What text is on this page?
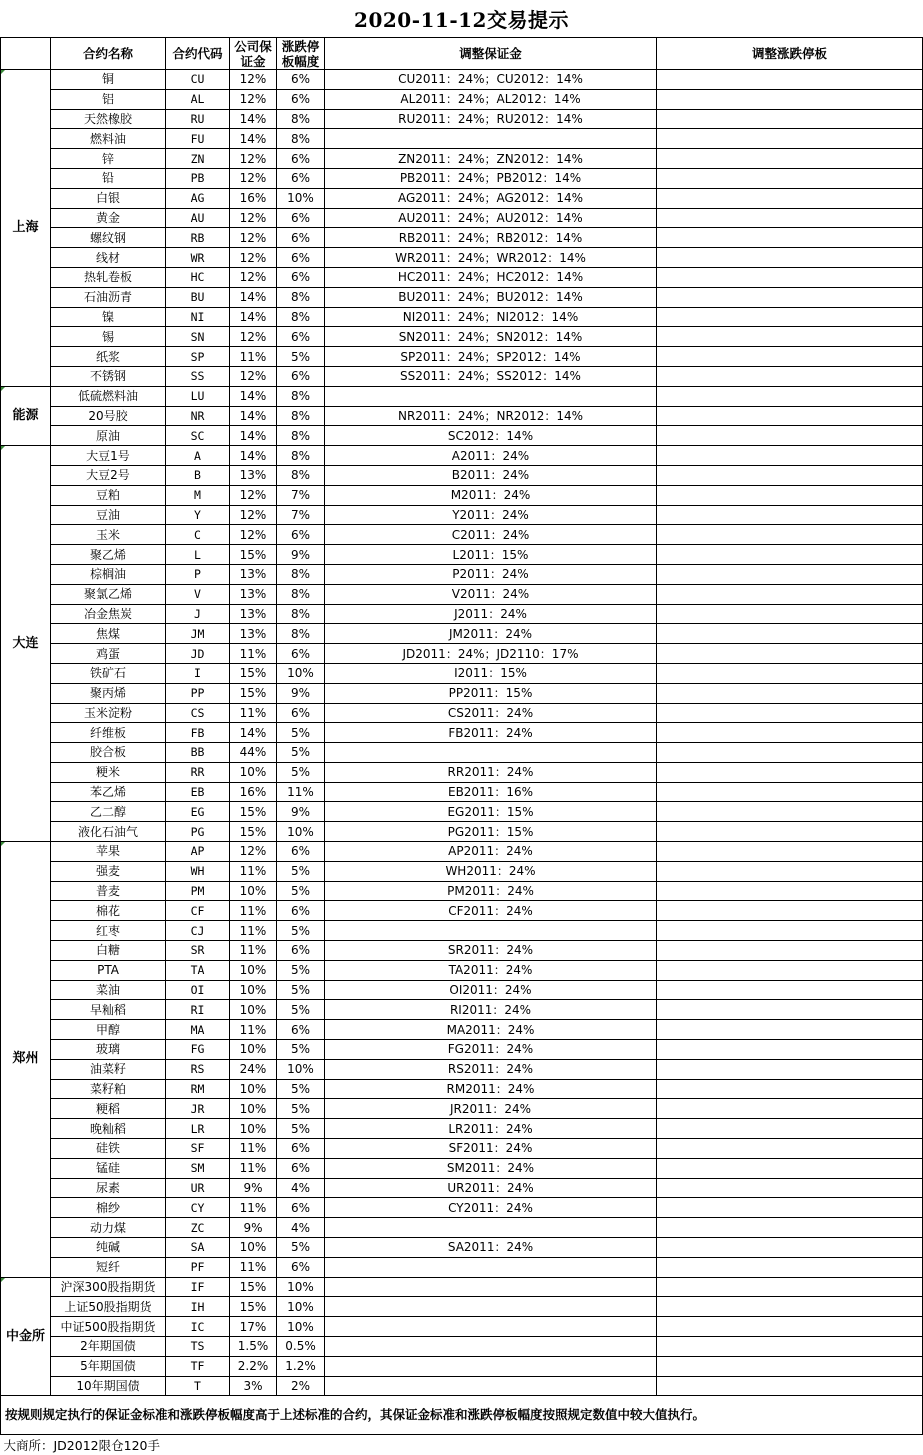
2020-11-12交易提示
	合约名称	合约代码	公司保证金	涨跌停板幅度	调整保证金	调整涨跌停板
上海	铜	CU	12%	6%	CU2011：24%；CU2012：14%	
	铝	AL	12%	6%	AL2011：24%；AL2012：14%	
	天然橡胶	RU	14%	8%	RU2011：24%；RU2012：14%	
	燃料油	FU	14%	8%		
	锌	ZN	12%	6%	ZN2011：24%；ZN2012：14%	
	铅	PB	12%	6%	PB2011：24%；PB2012：14%	
	白银	AG	16%	10%	AG2011：24%；AG2012：14%	
	黄金	AU	12%	6%	AU2011：24%；AU2012：14%	
	螺纹钢	RB	12%	6%	RB2011：24%；RB2012：14%	
	线材	WR	12%	6%	WR2011：24%；WR2012：14%	
	热轧卷板	HC	12%	6%	HC2011：24%；HC2012：14%	
	石油沥青	BU	14%	8%	BU2011：24%；BU2012：14%	
	镍	NI	14%	8%	NI2011：24%；NI2012：14%	
	锡	SN	12%	6%	SN2011：24%；SN2012：14%	
	纸浆	SP	11%	5%	SP2011：24%；SP2012：14%	
	不锈钢	SS	12%	6%	SS2011：24%；SS2012：14%	
能源	低硫燃料油	LU	14%	8%		
	20号胶	NR	14%	8%	NR2011：24%；NR2012：14%	
	原油	SC	14%	8%	SC2012：14%	
大连	大豆1号	A	14%	8%	A2011：24%	
	大豆2号	B	13%	8%	B2011：24%	
	豆粕	M	12%	7%	M2011：24%	
	豆油	Y	12%	7%	Y2011：24%	
	玉米	C	12%	6%	C2011：24%	
	聚乙烯	L	15%	9%	L2011：15%	
	棕榈油	P	13%	8%	P2011：24%	
	聚氯乙烯	V	13%	8%	V2011：24%	
	冶金焦炭	J	13%	8%	J2011：24%	
	焦煤	JM	13%	8%	JM2011：24%	
	鸡蛋	JD	11%	6%	JD2011：24%；JD2110：17%	
	铁矿石	I	15%	10%	I2011：15%	
	聚丙烯	PP	15%	9%	PP2011：15%	
	玉米淀粉	CS	11%	6%	CS2011：24%	
	纤维板	FB	14%	5%	FB2011：24%	
	胶合板	BB	44%	5%		
	粳米	RR	10%	5%	RR2011：24%	
	苯乙烯	EB	16%	11%	EB2011：16%	
	乙二醇	EG	15%	9%	EG2011：15%	
	液化石油气	PG	15%	10%	PG2011：15%	
郑州	苹果	AP	12%	6%	AP2011：24%	
	强麦	WH	11%	5%	WH2011：24%	
	普麦	PM	10%	5%	PM2011：24%	
	棉花	CF	11%	6%	CF2011：24%	
	红枣	CJ	11%	5%		
	白糖	SR	11%	6%	SR2011：24%	
	PTA	TA	10%	5%	TA2011：24%	
	菜油	OI	10%	5%	OI2011：24%	
	早籼稻	RI	10%	5%	RI2011：24%	
	甲醇	MA	11%	6%	MA2011：24%	
	玻璃	FG	10%	5%	FG2011：24%	
	油菜籽	RS	24%	10%	RS2011：24%	
	菜籽粕	RM	10%	5%	RM2011：24%	
	粳稻	JR	10%	5%	JR2011：24%	
	晚籼稻	LR	10%	5%	LR2011：24%	
	硅铁	SF	11%	6%	SF2011：24%	
	锰硅	SM	11%	6%	SM2011：24%	
	尿素	UR	9%	4%	UR2011：24%	
	棉纱	CY	11%	6%	CY2011：24%	
	动力煤	ZC	9%	4%		
	纯碱	SA	10%	5%	SA2011：24%	
	短纤	PF	11%	6%		
中金所	沪深300股指期货	IF	15%	10%		
	上证50股指期货	IH	15%	10%		
	中证500股指期货	IC	17%	10%		
	2年期国债	TS	1.5%	0.5%		
	5年期国债	TF	2.2%	1.2%		
	10年期国债	T	3%	2%		
按规则规定执行的保证金标准和涨跌停板幅度高于上述标准的合约，其保证金标准和涨跌停板幅度按照规定数值中较大值执行。						
大商所：JD2012限仓120手						
